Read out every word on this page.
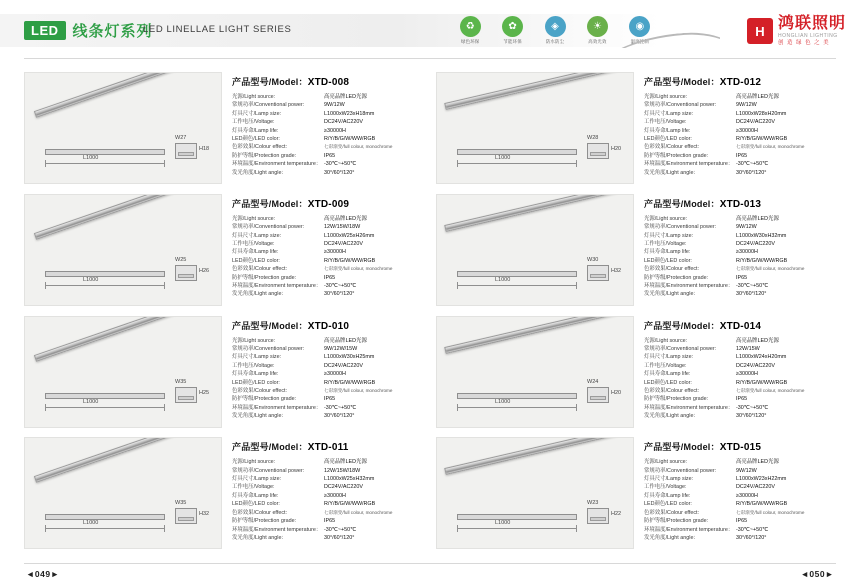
LED 线条灯系列
LED LINELLAE LIGHT SERIES	♻
绿色环保
✿
节能环保
◈
防水防尘
☀
高效光效
◉
温度控制
H 鸿联照明
HONGLIAN LIGHTING
创 造 绿 色 之 美
L1000
W27
H18
产品型号/Model：XTD-008
光源/Light source:	高亮品牌LED光源
常规功率/Conventional power:	9W/12W
灯具尺寸/Lamp size:	L1000xW23xH18mm
工作电压/Voltage:	DC24V/AC220V
灯具寿命/Lamp life:	≥30000H
LED颜色/LED color:	R/Y/B/G/W/WW/RGB
色彩效果/Colour effect:	七彩渐变/full colour, monochrome
防护等级/Protection grade:	IP65
环境温度/Environment temperature： -30℃~+50℃
发光角度/Light angle：	30°/60°/120°
L1000
W28
H20
产品型号/Model：XTD-012
光源/Light source:	高亮品牌LED光源
常规功率/Conventional power:	9W/12W
灯具尺寸/Lamp size:	L1000xW28xH20mm
工作电压/Voltage:	DC24V/AC220V
灯具寿命/Lamp life:	≥30000H
LED颜色/LED color:	R/Y/B/G/W/WW/RGB
色彩效果/Colour effect:	七彩渐变/full colour, monochrome
防护等级/Protection grade:	IP65
环境温度/Environment temperature： -30℃~+50℃
发光角度/Light angle：	30°/60°/120°
L1000
W25
H26
产品型号/Model：XTD-009
光源/Light source:	高亮品牌LED光源
常规功率/Conventional power:	12W/15W/18W
灯具尺寸/Lamp size:	L1000xW25xH26mm
工作电压/Voltage:	DC24V/AC220V
灯具寿命/Lamp life:	≥30000H
LED颜色/LED color:	R/Y/B/G/W/WW/RGB
色彩效果/Colour effect:	七彩渐变/full colour, monochrome
防护等级/Protection grade:	IP65
环境温度/Environment temperature： -30℃~+50℃
发光角度/Light angle：	30°/60°/120°
L1000
W30
H32
产品型号/Model：XTD-013
光源/Light source:	高亮品牌LED光源
常规功率/Conventional power:	9W/12W
灯具尺寸/Lamp size:	L1000xW30xH32mm
工作电压/Voltage:	DC24V/AC220V
灯具寿命/Lamp life:	≥30000H
LED颜色/LED color:	R/Y/B/G/W/WW/RGB
色彩效果/Colour effect:	七彩渐变/full colour, monochrome
防护等级/Protection grade:	IP65
环境温度/Environment temperature： -30℃~+50℃
发光角度/Light angle：	30°/60°/120°
L1000
W35
H25
产品型号/Model：XTD-010
光源/Light source:	高亮品牌LED光源
常规功率/Conventional power:	9W/12W/15W
灯具尺寸/Lamp size:	L1000xW30xH25mm
工作电压/Voltage:	DC24V/AC220V
灯具寿命/Lamp life:	≥30000H
LED颜色/LED color:	R/Y/B/G/W/WW/RGB
色彩效果/Colour effect:	七彩渐变/full colour, monochrome
防护等级/Protection grade:	IP65
环境温度/Environment temperature： -30℃~+50℃
发光角度/Light angle：	30°/60°/120°
L1000
W24
H20
产品型号/Model：XTD-014
光源/Light source:	高亮品牌LED光源
常规功率/Conventional power:	12W/15W
灯具尺寸/Lamp size:	L1000xW24xH20mm
工作电压/Voltage:	DC24V/AC220V
灯具寿命/Lamp life:	≥30000H
LED颜色/LED color:	R/Y/B/G/W/WW/RGB
色彩效果/Colour effect:	七彩渐变/full colour, monochrome
防护等级/Protection grade:	IP65
环境温度/Environment temperature： -30℃~+50℃
发光角度/Light angle：	30°/60°/120°
L1000
W35
H32
产品型号/Model：XTD-011
光源/Light source:	高亮品牌LED光源
常规功率/Conventional power:	12W/15W/18W
灯具尺寸/Lamp size:	L1000xW25xH32mm
工作电压/Voltage:	DC24V/AC220V
灯具寿命/Lamp life:	≥30000H
LED颜色/LED color:	R/Y/B/G/W/WW/RGB
色彩效果/Colour effect:	七彩渐变/full colour, monochrome
防护等级/Protection grade:	IP65
环境温度/Environment temperature： -30℃~+50℃
发光角度/Light angle：	30°/60°/120°
L1000
W23
H22
产品型号/Model：XTD-015
光源/Light source:	高亮品牌LED光源
常规功率/Conventional power:	9W/12W
灯具尺寸/Lamp size:	L1000xW23xH22mm
工作电压/Voltage:	DC24V/AC220V
灯具寿命/Lamp life:	≥30000H
LED颜色/LED color:	R/Y/B/G/W/WW/RGB
色彩效果/Colour effect:	七彩渐变/full colour, monochrome
防护等级/Protection grade:	IP65
环境温度/Environment temperature： -30℃~+50℃
发光角度/Light angle：	30°/60°/120°
◄049►	◄050►
